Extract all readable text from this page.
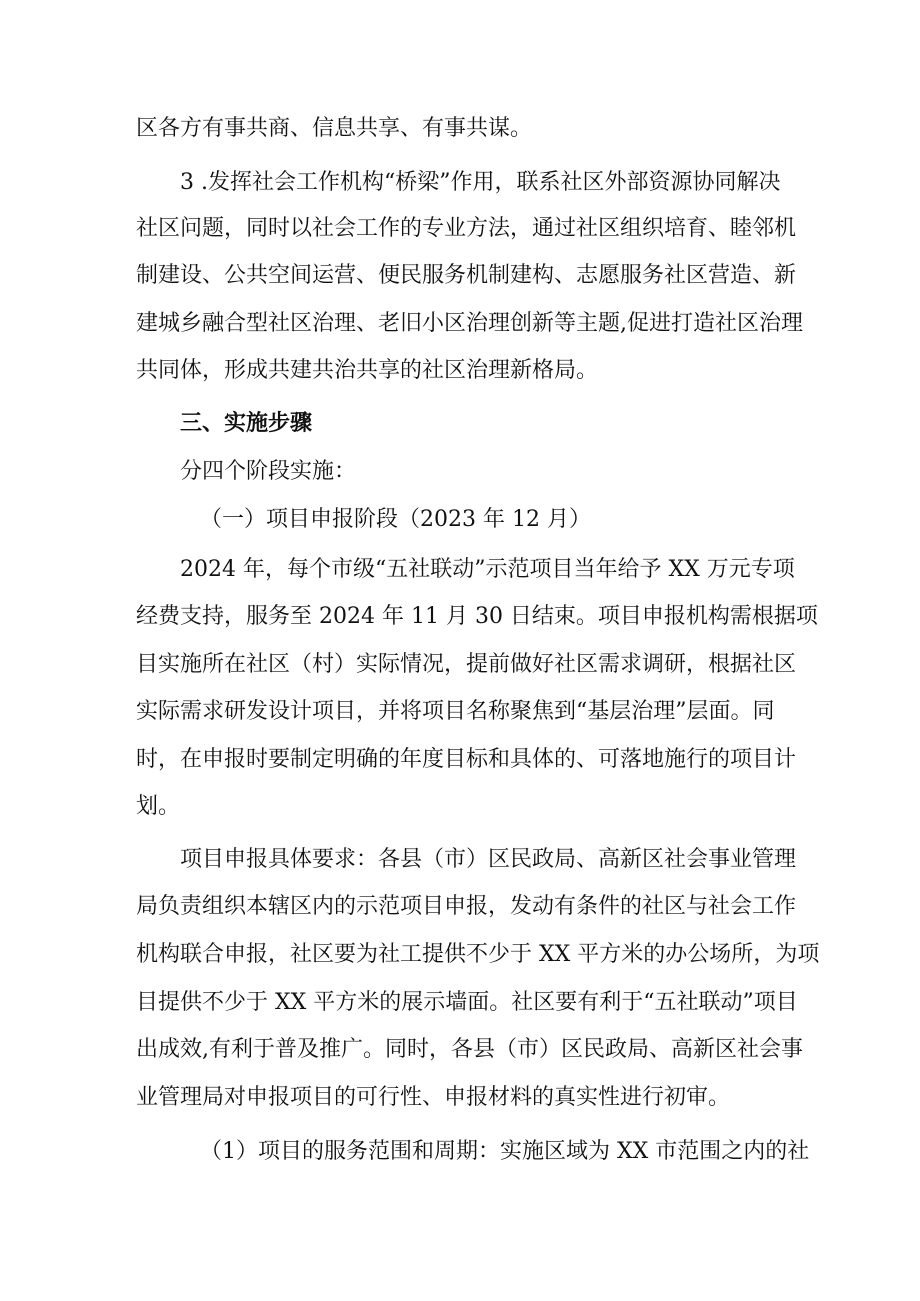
区各方有事共商、信息共享、有事共谋。

3 .发挥社会工作机构“桥梁”作用，联系社区外部资源协同解决

社区问题，同时以社会工作的专业方法，通过社区组织培育、睦邻机

制建设、公共空间运营、便民服务机制建构、志愿服务社区营造、新

建城乡融合型社区治理、老旧小区治理创新等主题,促进打造社区治理

共同体，形成共建共治共享的社区治理新格局。

三、实施步骤

分四个阶段实施：

（一）项目申报阶段（2023 年 12 月）

2024 年，每个市级“五社联动”示范项目当年给予 XX 万元专项

经费支持，服务至 2024 年 11 月 30 日结束。项目申报机构需根据项

目实施所在社区（村）实际情况，提前做好社区需求调研，根据社区

实际需求研发设计项目，并将项目名称聚焦到“基层治理”层面。同

时，在申报时要制定明确的年度目标和具体的、可落地施行的项目计

划。

项目申报具体要求：各县（市）区民政局、高新区社会事业管理

局负责组织本辖区内的示范项目申报，发动有条件的社区与社会工作

机构联合申报，社区要为社工提供不少于 XX 平方米的办公场所，为项

目提供不少于 XX 平方米的展示墙面。社区要有利于“五社联动”项目

出成效,有利于普及推广。同时，各县（市）区民政局、高新区社会事

业管理局对申报项目的可行性、申报材料的真实性进行初审。

（1）项目的服务范围和周期：实施区域为 XX 市范围之内的社
